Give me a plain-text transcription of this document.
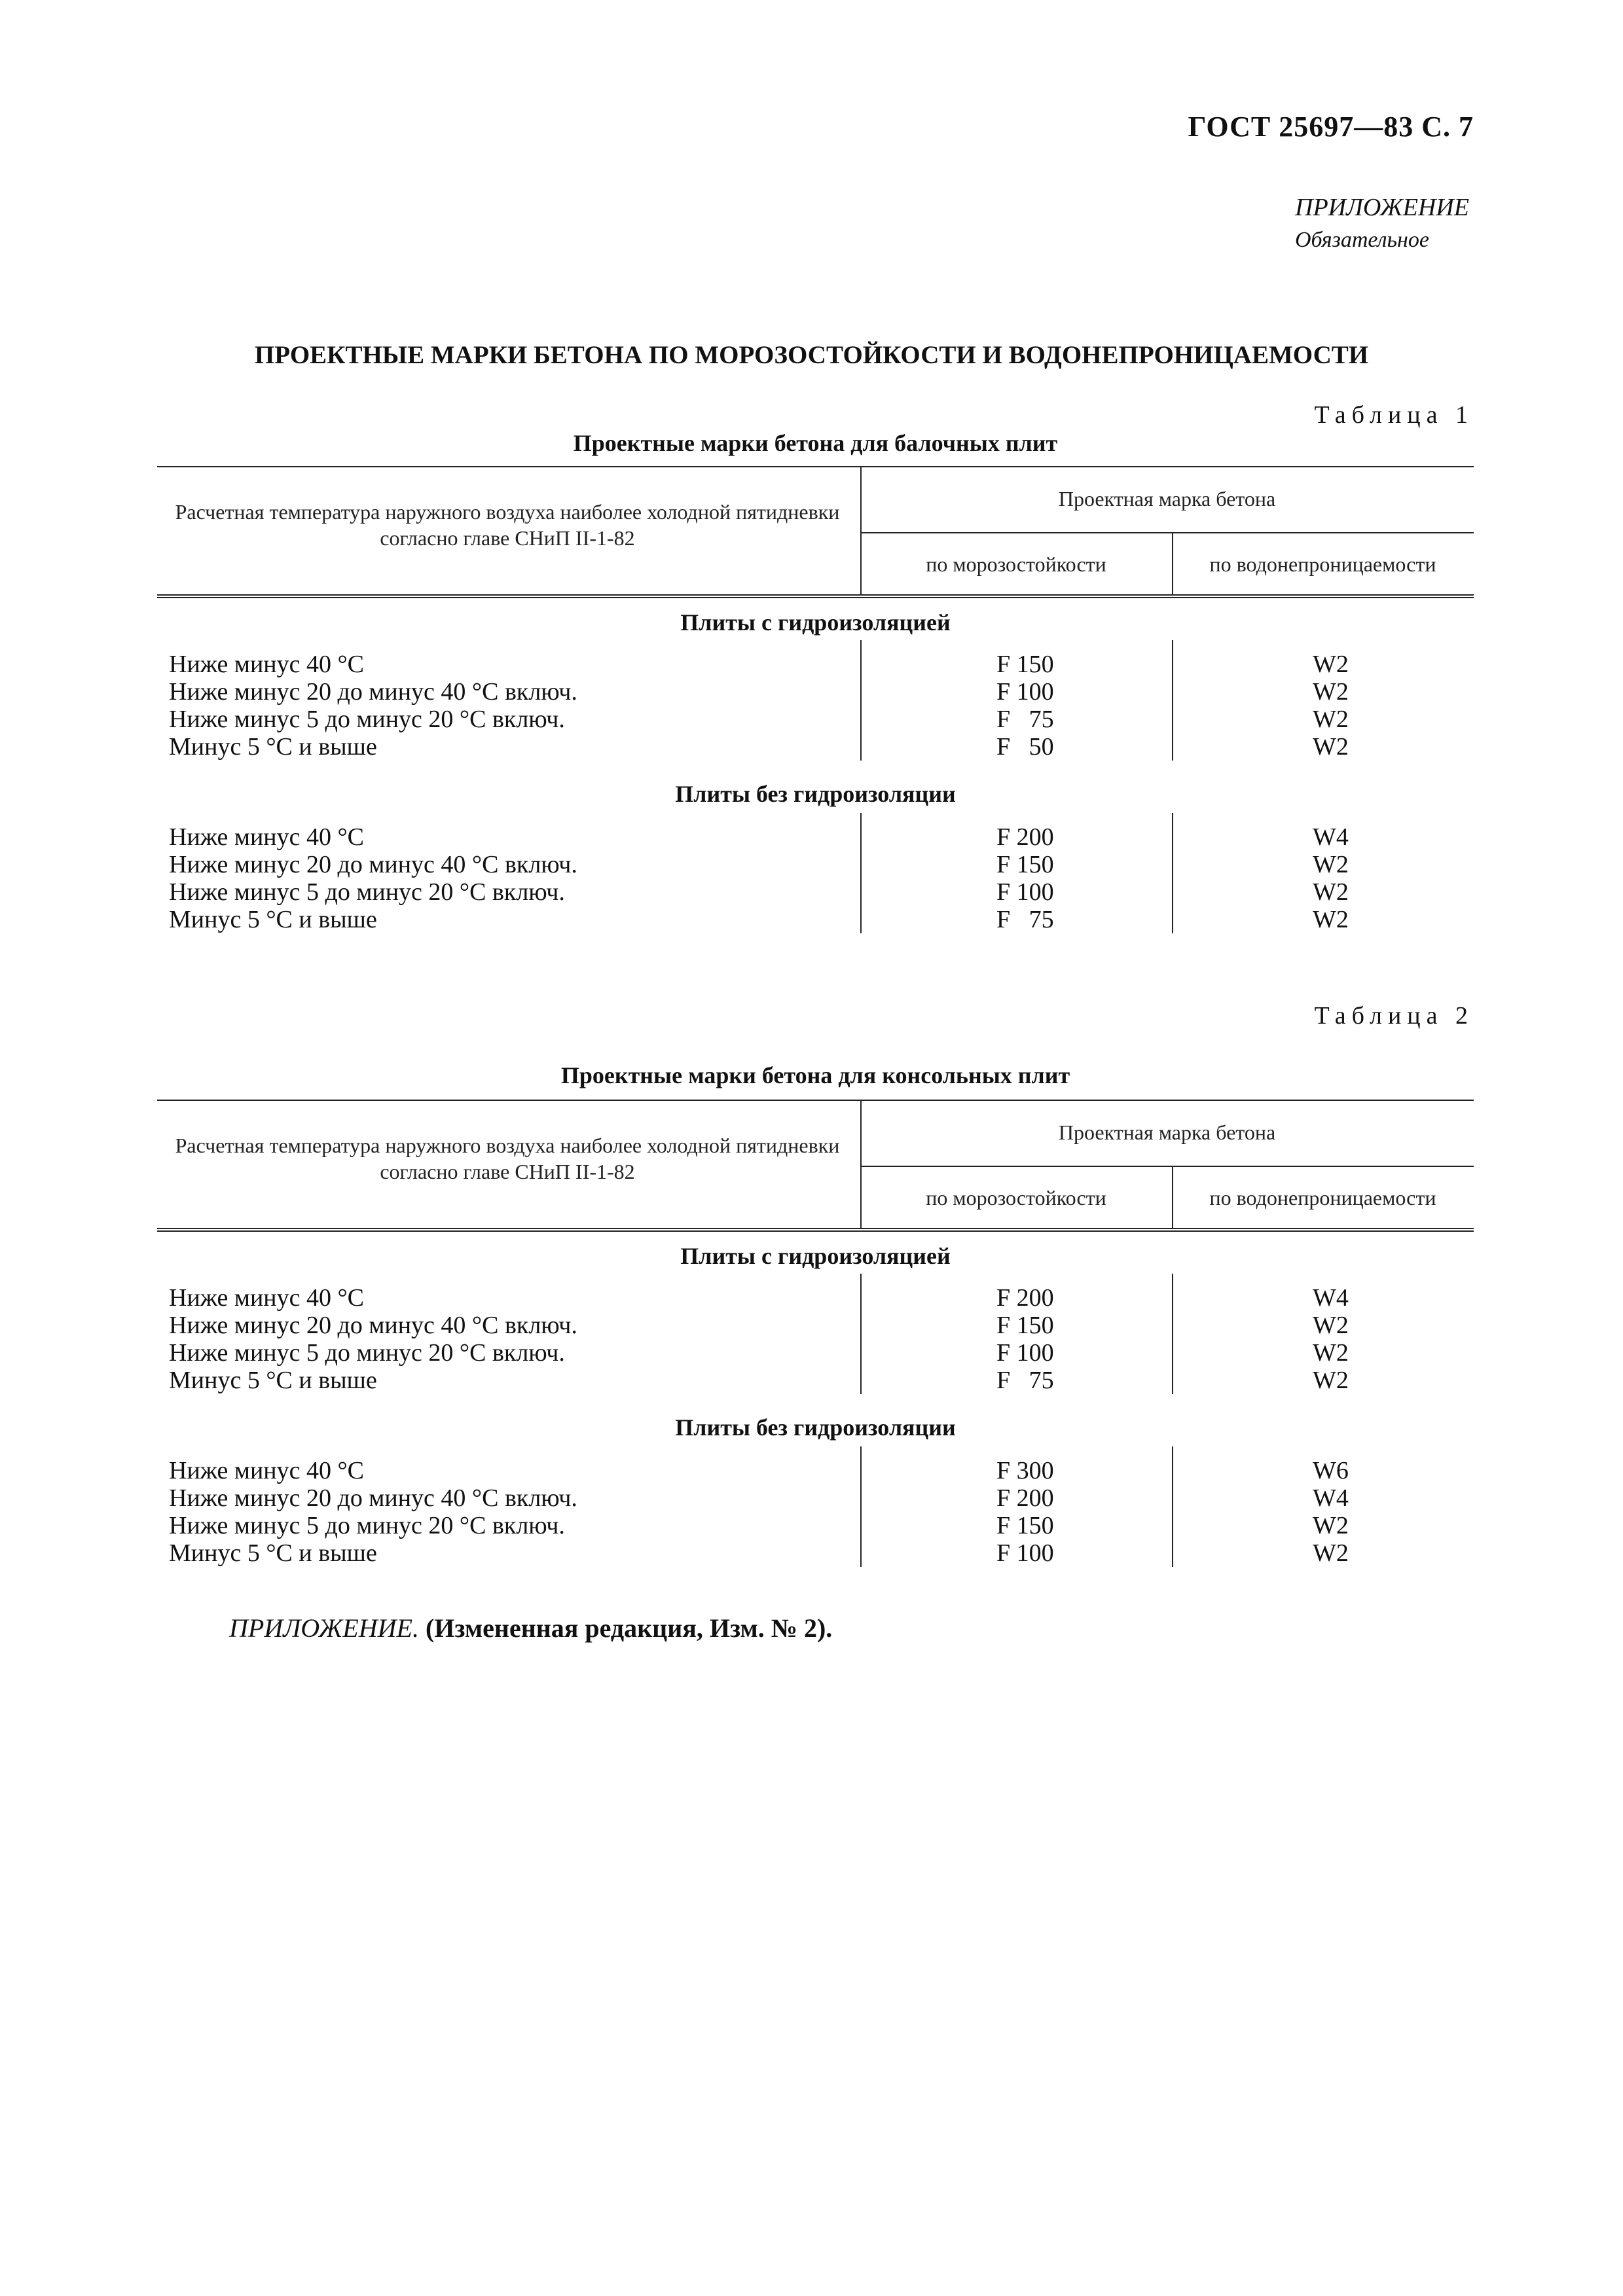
ГОСТ 25697—83 С. 7
ПРИЛОЖЕНИЕ
Обязательное
ПРОЕКТНЫЕ МАРКИ БЕТОНА ПО МОРОЗОСТОЙКОСТИ И ВОДОНЕПРОНИЦАЕМОСТИ
Таблица 1
Проектные марки бетона для балочных плит
Расчетная температура наружного воздуха наиболее холодной пятидневки согласно главе СНиП II-1-82
Проектная марка бетона
по морозостойкости	по водонепроницаемости
Плиты с гидроизоляцией
Ниже минус 40 °С	F 150	W2
Ниже минус 20 до минус 40 °С включ.	F 100	W2
Ниже минус 5 до минус 20 °С включ.	F   75	W2
Минус 5 °С и выше	F   50	W2
Плиты без гидроизоляции
Ниже минус 40 °С	F 200	W4
Ниже минус 20 до минус 40 °С включ.	F 150	W2
Ниже минус 5 до минус 20 °С включ.	F 100	W2
Минус 5 °С и выше	F   75	W2
Таблица 2
Проектные марки бетона для консольных плит
Расчетная температура наружного воздуха наиболее холодной пятидневки согласно главе СНиП II-1-82
Проектная марка бетона
по морозостойкости	по водонепроницаемости
Плиты с гидроизоляцией
Ниже минус 40 °С	F 200	W4
Ниже минус 20 до минус 40 °С включ.	F 150	W2
Ниже минус 5 до минус 20 °С включ.	F 100	W2
Минус 5 °С и выше	F   75	W2
Плиты без гидроизоляции
Ниже минус 40 °С	F 300	W6
Ниже минус 20 до минус 40 °С включ.	F 200	W4
Ниже минус 5 до минус 20 °С включ.	F 150	W2
Минус 5 °С и выше	F 100	W2
ПРИЛОЖЕНИЕ. (Измененная редакция, Изм. № 2).
